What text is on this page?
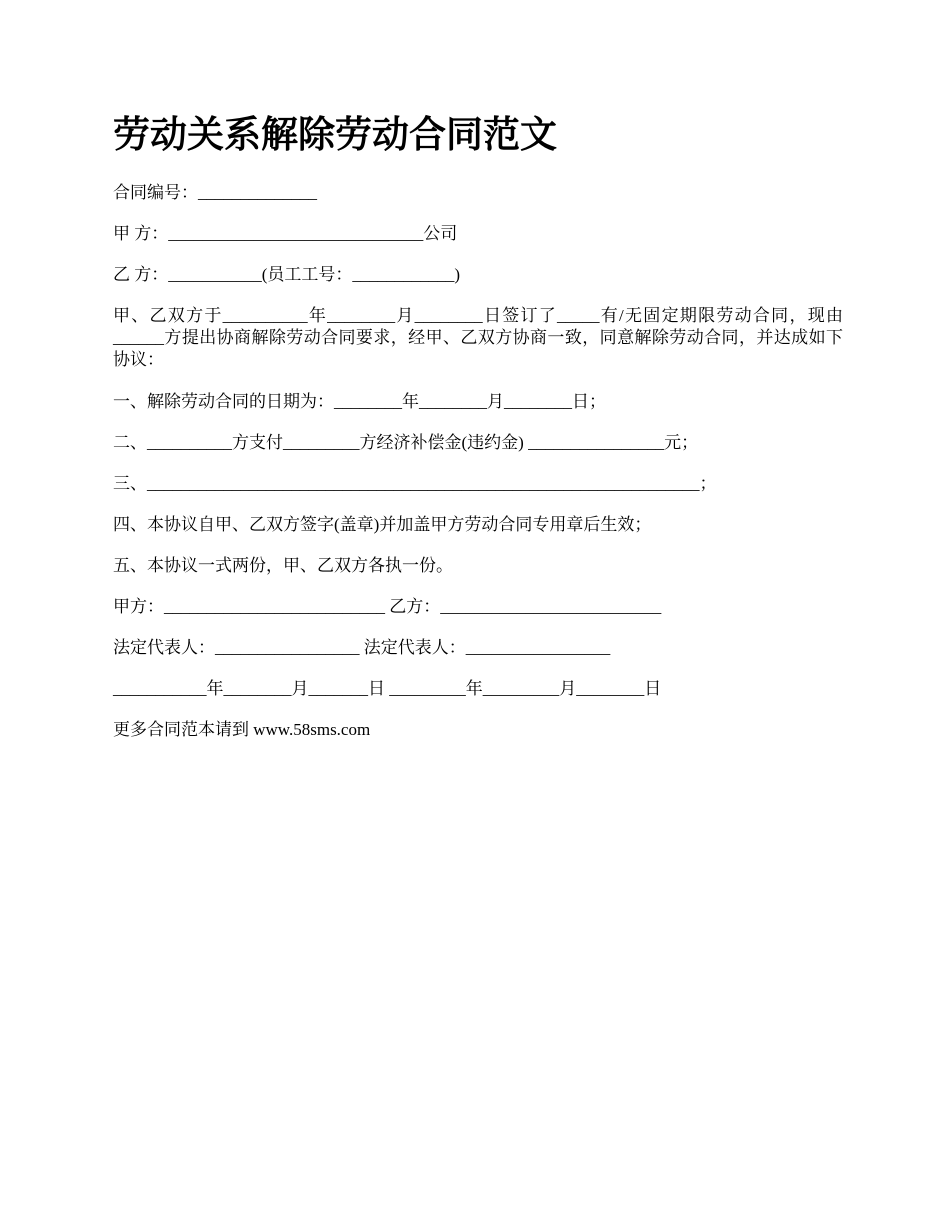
劳动关系解除劳动合同范文

合同编号：______________

甲 方：______________________________公司

乙 方：___________(员工工号：____________)

甲、乙双方于__________年________月________日签订了_____有/无固定期限劳动合同，现由______方提出协商解除劳动合同要求，经甲、乙双方协商一致，同意解除劳动合同，并达成如下协议：

一、解除劳动合同的日期为：________年________月________日；

二、__________方支付_________方经济补偿金(违约金) ________________元；

三、_________________________________________________________________；

四、本协议自甲、乙双方签字(盖章)并加盖甲方劳动合同专用章后生效；

五、本协议一式两份，甲、乙双方各执一份。

甲方：__________________________ 乙方：__________________________

法定代表人：_________________ 法定代表人：_________________

___________年________月_______日 _________年_________月________日

更多合同范本请到 www.58sms.com
